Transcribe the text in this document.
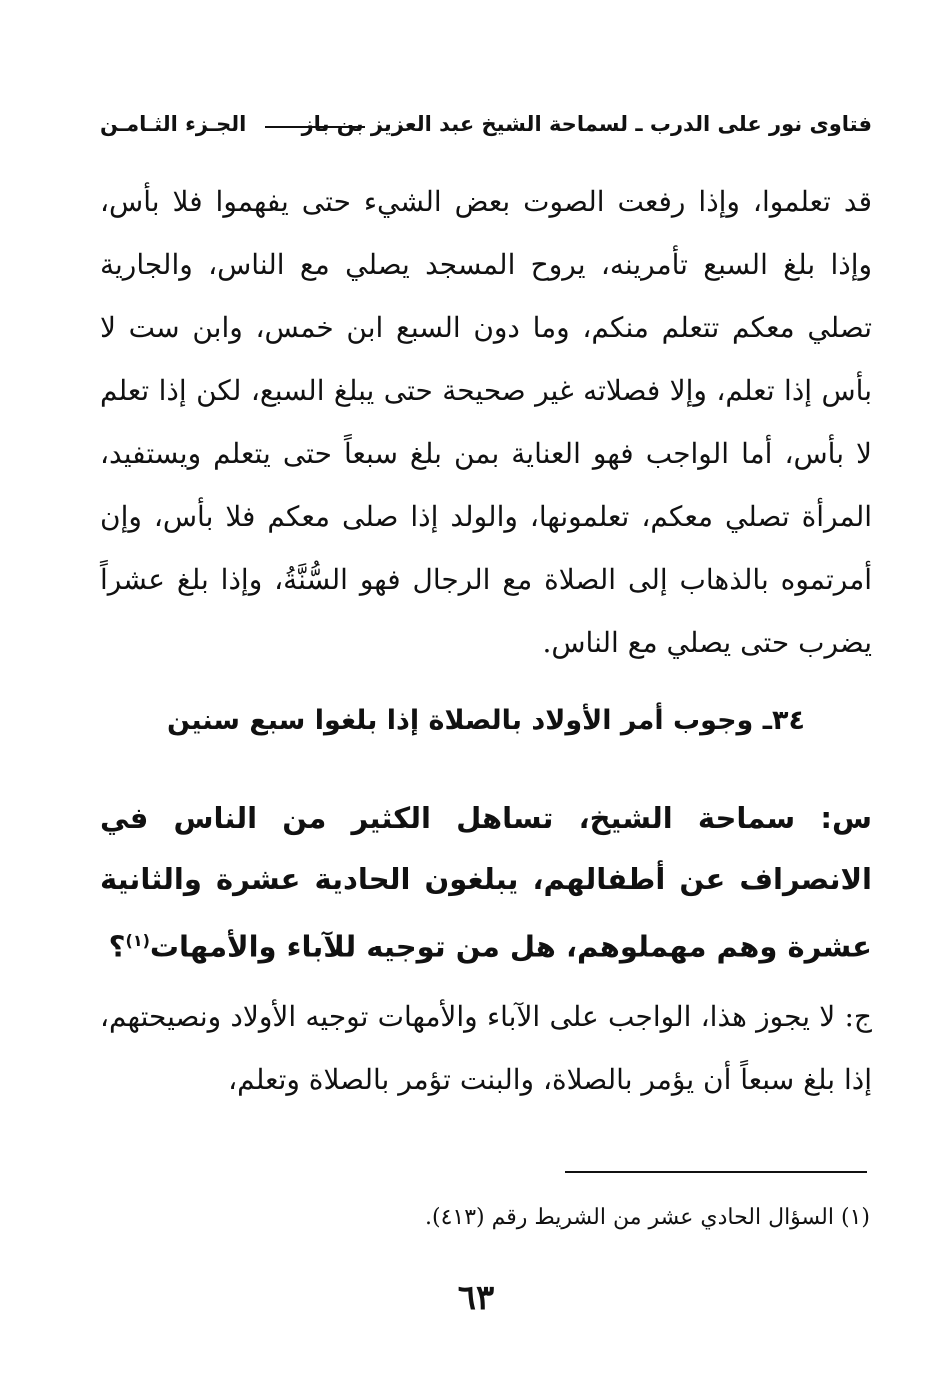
فتاوى نور على الدرب ـ لسماحة الشيخ عبد العزيز بن باز
الجـزء الثـامـن

قد تعلموا، وإذا رفعت الصوت بعض الشيء حتى يفهموا فلا بأس، وإذا بلغ السبع تأمرينه، يروح المسجد يصلي مع الناس، والجارية تصلي معكم تتعلم منكم، وما دون السبع ابن خمس، وابن ست لا بأس إذا تعلم، وإلا فصلاته غير صحيحة حتى يبلغ السبع، لكن إذا تعلم لا بأس، أما الواجب فهو العناية بمن بلغ سبعاً حتى يتعلم ويستفيد، المرأة تصلي معكم، تعلمونها، والولد إذا صلى معكم فلا بأس، وإن أمرتموه بالذهاب إلى الصلاة مع الرجال فهو السُّنَّةُ، وإذا بلغ عشراً يضرب حتى يصلي مع الناس.

٣٤ـ وجوب أمر الأولاد بالصلاة إذا بلغوا سبع سنين

س: سماحة الشيخ، تساهل الكثير من الناس في الانصراف عن أطفالهم، يبلغون الحادية عشرة والثانية عشرة وهم مهملوهم، هل من توجيه للآباء والأمهات$^{(١)}$؟

ج: لا يجوز هذا، الواجب على الآباء والأمهات توجيه الأولاد ونصيحتهم، إذا بلغ سبعاً أن يؤمر بالصلاة، والبنت تؤمر بالصلاة وتعلم،

(١) السؤال الحادي عشر من الشريط رقم (٤١٣).
٦٣
